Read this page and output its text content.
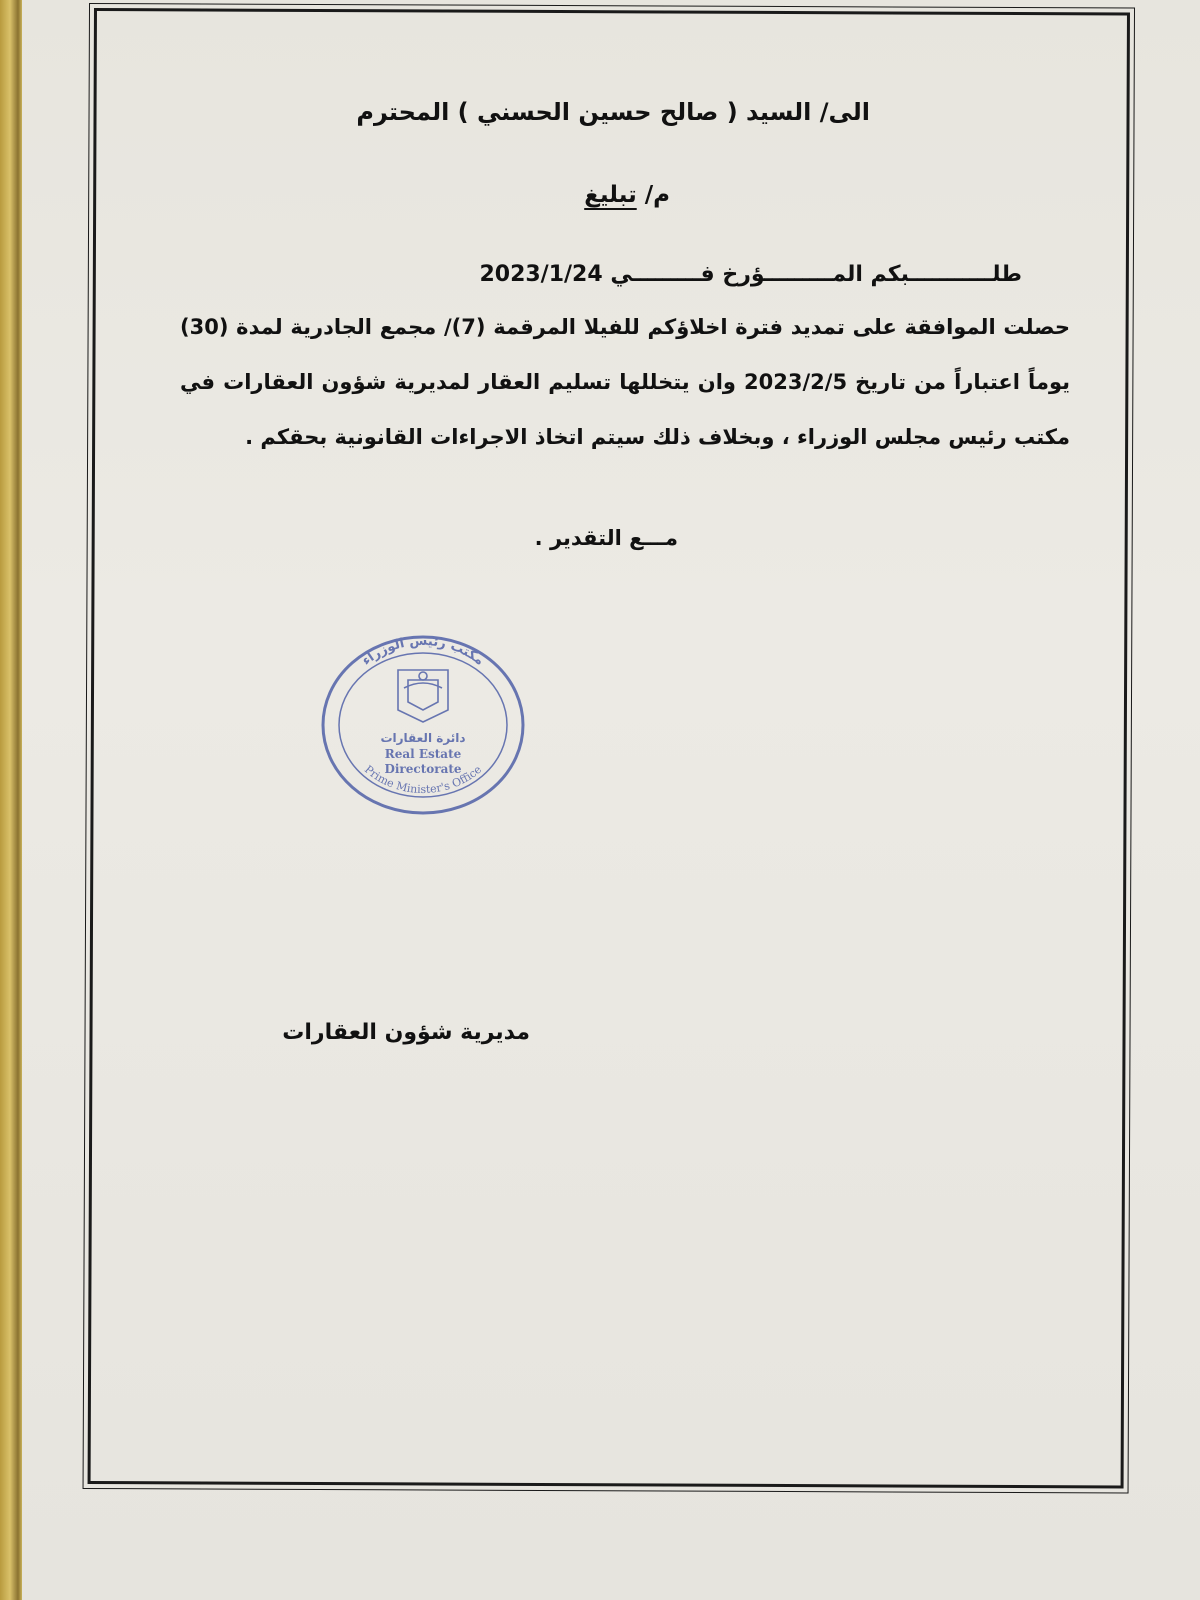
الى/ السيد ( صالح حسين الحسني ) المحترم
م/ تبليغ
طلـــــــــــبكم المـــــــــؤرخ فـــــــــي 2023/1/24
حصلت الموافقة على تمديد فترة اخلاؤكم للفيلا المرقمة (7)/ مجمع الجادرية لمدة (30) يوماً اعتباراً من تاريخ 2023/2/5 وان يتخللها تسليم العقار لمديرية شؤون العقارات في مكتب رئيس مجلس الوزراء ، وبخلاف ذلك سيتم اتخاذ الاجراءات القانونية بحقكم .
مـــع التقدير .
مكتب رئيس الوزراء
دائرة العقارات
Real Estate
Directorate
Prime Minister's Office
مديرية شؤون العقارات
